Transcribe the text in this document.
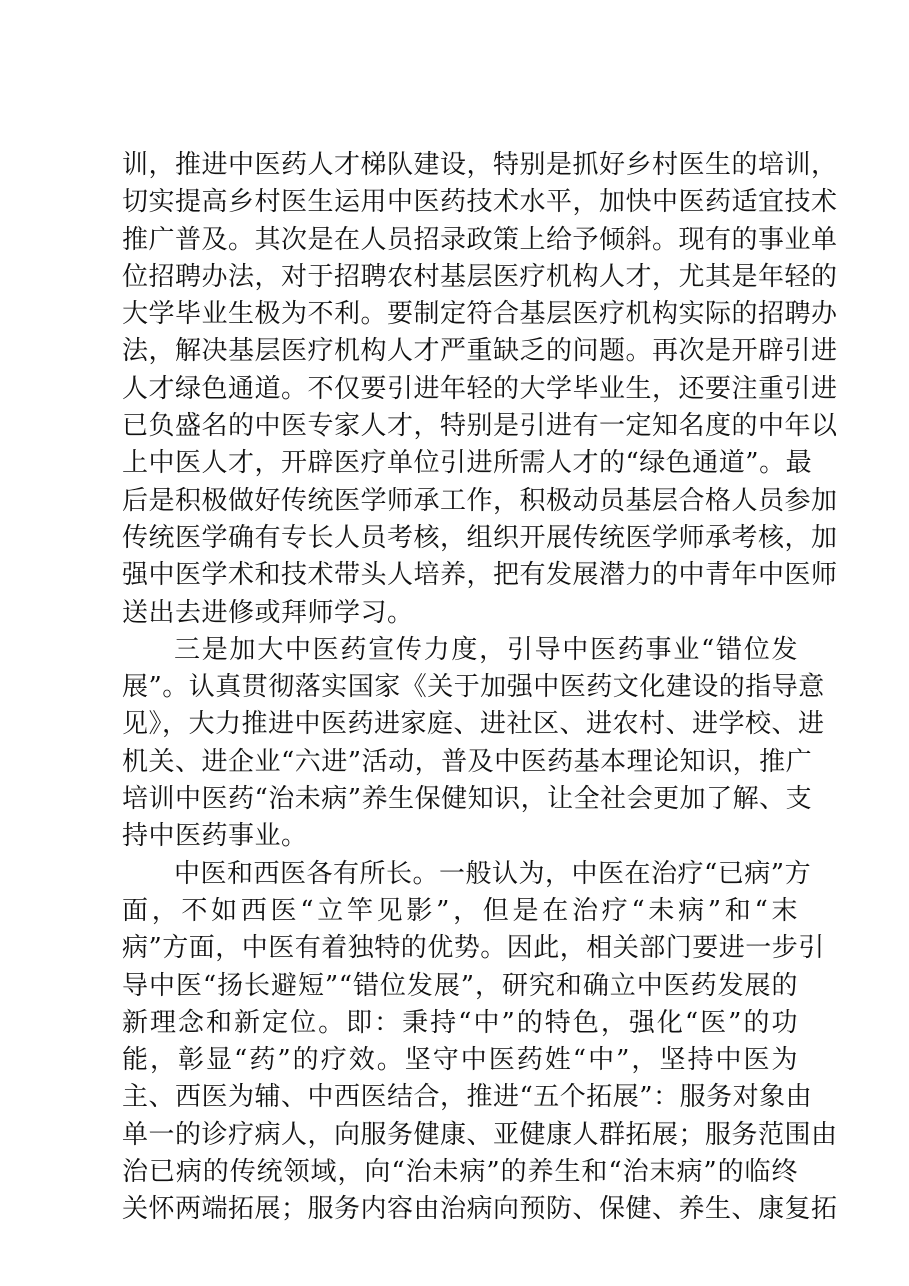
训，推进中医药人才梯队建设，特别是抓好乡村医生的培训，
切实提高乡村医生运用中医药技术水平，加快中医药适宜技术
推广普及。其次是在人员招录政策上给予倾斜。现有的事业单
位招聘办法，对于招聘农村基层医疗机构人才，尤其是年轻的
大学毕业生极为不利。要制定符合基层医疗机构实际的招聘办
法，解决基层医疗机构人才严重缺乏的问题。再次是开辟引进
人才绿色通道。不仅要引进年轻的大学毕业生，还要注重引进
已负盛名的中医专家人才，特别是引进有一定知名度的中年以
上中医人才，开辟医疗单位引进所需人才的“绿色通道”。最
后是积极做好传统医学师承工作，积极动员基层合格人员参加
传统医学确有专长人员考核，组织开展传统医学师承考核，加
强中医学术和技术带头人培养，把有发展潜力的中青年中医师
送出去进修或拜师学习。
三是加大中医药宣传力度，引导中医药事业“错位发
展”。认真贯彻落实国家《关于加强中医药文化建设的指导意
见》，大力推进中医药进家庭、进社区、进农村、进学校、进
机关、进企业“六进”活动，普及中医药基本理论知识，推广
培训中医药“治未病”养生保健知识，让全社会更加了解、支
持中医药事业。
中医和西医各有所长。一般认为，中医在治疗“已病”方
面，不如西医“立竿见影”，但是在治疗“未病”和“末
病”方面，中医有着独特的优势。因此，相关部门要进一步引
导中医“扬长避短”“错位发展”，研究和确立中医药发展的
新理念和新定位。即：秉持“中”的特色，强化“医”的功
能，彰显“药”的疗效。坚守中医药姓“中”，坚持中医为
主、西医为辅、中西医结合，推进“五个拓展”：服务对象由
单一的诊疗病人，向服务健康、亚健康人群拓展；服务范围由
治已病的传统领域，向“治未病”的养生和“治末病”的临终
关怀两端拓展；服务内容由治病向预防、保健、养生、康复拓
